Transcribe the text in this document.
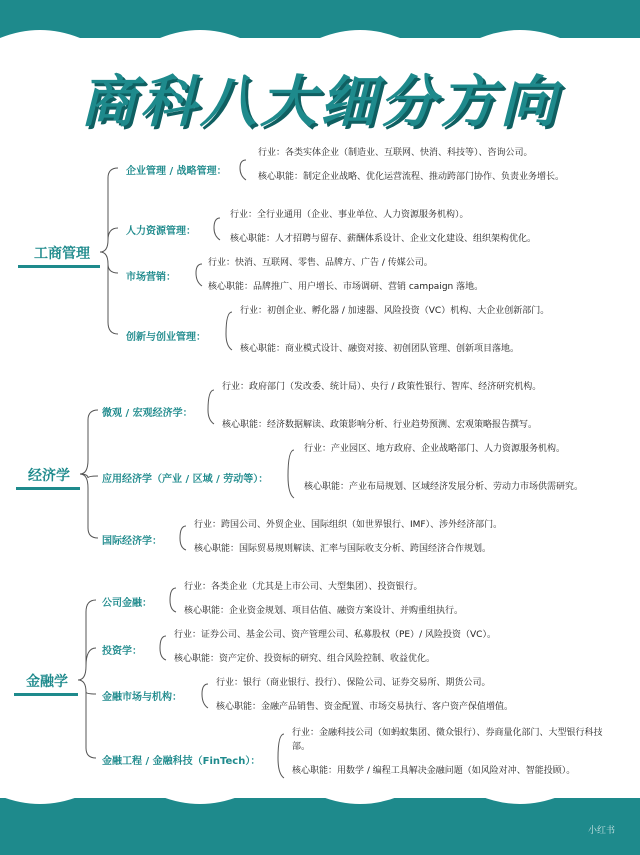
商科八大细分方向
工商管理
企业管理 / 战略管理：
行业：各类实体企业（制造业、互联网、快消、科技等）、咨询公司。
核心职能：制定企业战略、优化运营流程、推动跨部门协作、负责业务增长。
人力资源管理：
行业：全行业通用（企业、事业单位、人力资源服务机构）。
核心职能：人才招聘与留存、薪酬体系设计、企业文化建设、组织架构优化。
市场营销：
行业：快消、互联网、零售、品牌方、广告 / 传媒公司。
核心职能：品牌推广、用户增长、市场调研、营销 campaign 落地。
创新与创业管理：
行业：初创企业、孵化器 / 加速器、风险投资（VC）机构、大企业创新部门。
核心职能：商业模式设计、融资对接、初创团队管理、创新项目落地。
经济学
微观 / 宏观经济学：
行业：政府部门（发改委、统计局）、央行 / 政策性银行、智库、经济研究机构。
核心职能：经济数据解读、政策影响分析、行业趋势预测、宏观策略报告撰写。
应用经济学（产业 / 区域 / 劳动等）：
行业：产业园区、地方政府、企业战略部门、人力资源服务机构。
核心职能：产业布局规划、区域经济发展分析、劳动力市场供需研究。
国际经济学：
行业：跨国公司、外贸企业、国际组织（如世界银行、IMF）、涉外经济部门。
核心职能：国际贸易规则解读、汇率与国际收支分析、跨国经济合作规划。
金融学
公司金融：
行业：各类企业（尤其是上市公司、大型集团）、投资银行。
核心职能：企业资金规划、项目估值、融资方案设计、并购重组执行。
投资学：
行业：证券公司、基金公司、资产管理公司、私募股权（PE）/ 风险投资（VC）。
核心职能：资产定价、投资标的研究、组合风险控制、收益优化。
金融市场与机构：
行业：银行（商业银行、投行）、保险公司、证券交易所、期货公司。
核心职能：金融产品销售、资金配置、市场交易执行、客户资产保值增值。
金融工程 / 金融科技（FinTech）：
行业：金融科技公司（如蚂蚁集团、微众银行）、券商量化部门、大型银行科技部。
核心职能：用数学 / 编程工具解决金融问题（如风险对冲、智能投顾）。
小红书
